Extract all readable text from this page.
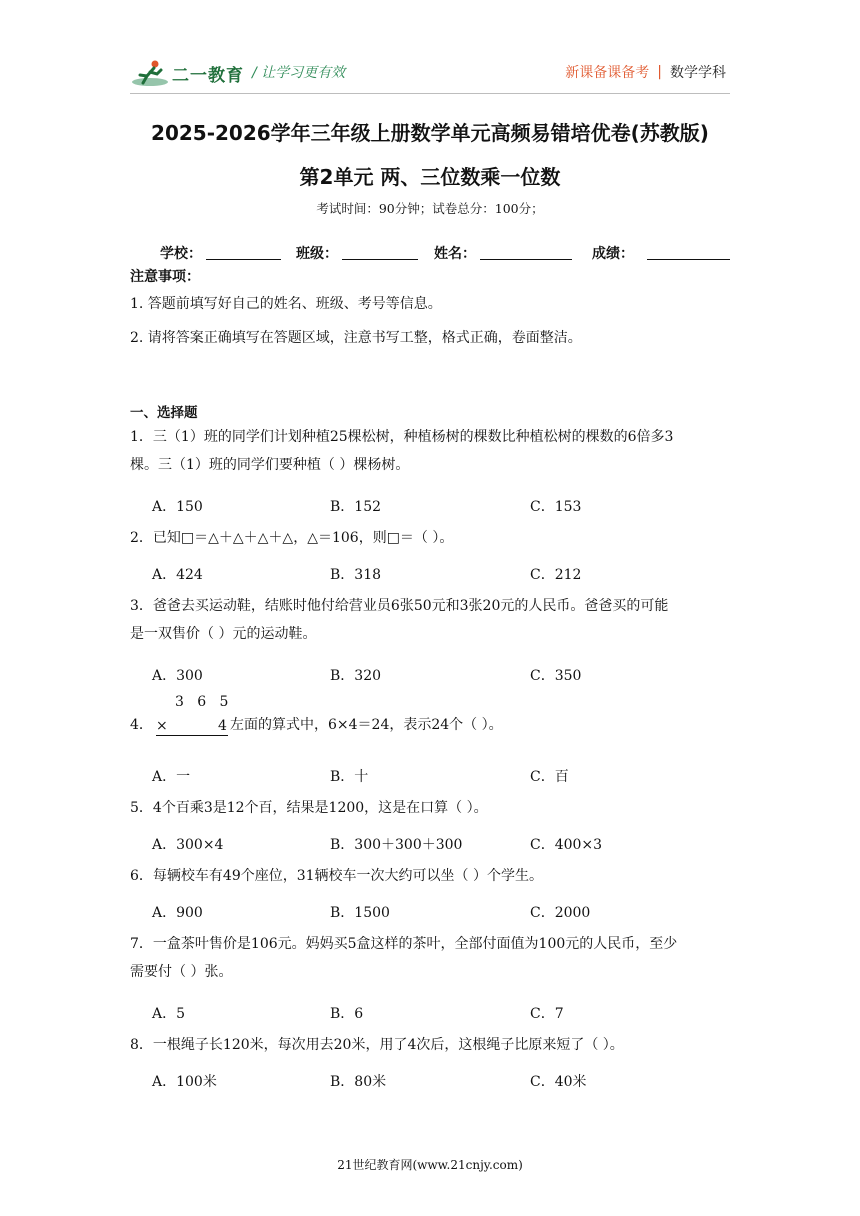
二一教育 / 让学习更有效	新课备课备考 | 数学学科
2025-2026学年三年级上册数学单元高频易错培优卷(苏教版)
第2单元 两、三位数乘一位数
考试时间：90分钟；试卷总分：100分；
学校：	班级：	姓名：	成绩：
注意事项：
1. 答题前填写好自己的姓名、班级、考号等信息。
2. 请将答案正确填写在答题区域，注意书写工整，格式正确，卷面整洁。
一、选择题
1．三（1）班的同学们计划种植25棵松树，种植杨树的棵数比种植松树的棵数的6倍多3
棵。三（1）班的同学们要种植（ ）棵杨树。
A．150	B．152	C．153
2．已知□＝△＋△＋△＋△，△＝106，则□＝（ ）。
A．424	B．318	C．212
3．爸爸去买运动鞋，结账时他付给营业员6张50元和3张20元的人民币。爸爸买的可能
是一双售价（ ）元的运动鞋。
A．300	B．320	C．350
3   6   5
4． ×	4 左面的算式中，6×4＝24，表示24个（ ）。
A．一	B．十	C．百
5．4个百乘3是12个百，结果是1200，这是在口算（ ）。
A．300×4	B．300＋300＋300	C．400×3
6．每辆校车有49个座位，31辆校车一次大约可以坐（ ）个学生。
A．900	B．1500	C．2000
7．一盒茶叶售价是106元。妈妈买5盒这样的茶叶，全部付面值为100元的人民币，至少
需要付（ ）张。
A．5	B．6	C．7
8．一根绳子长120米，每次用去20米，用了4次后，这根绳子比原来短了（ ）。
A．100米	B．80米	C．40米
21世纪教育网(www.21cnjy.com)
